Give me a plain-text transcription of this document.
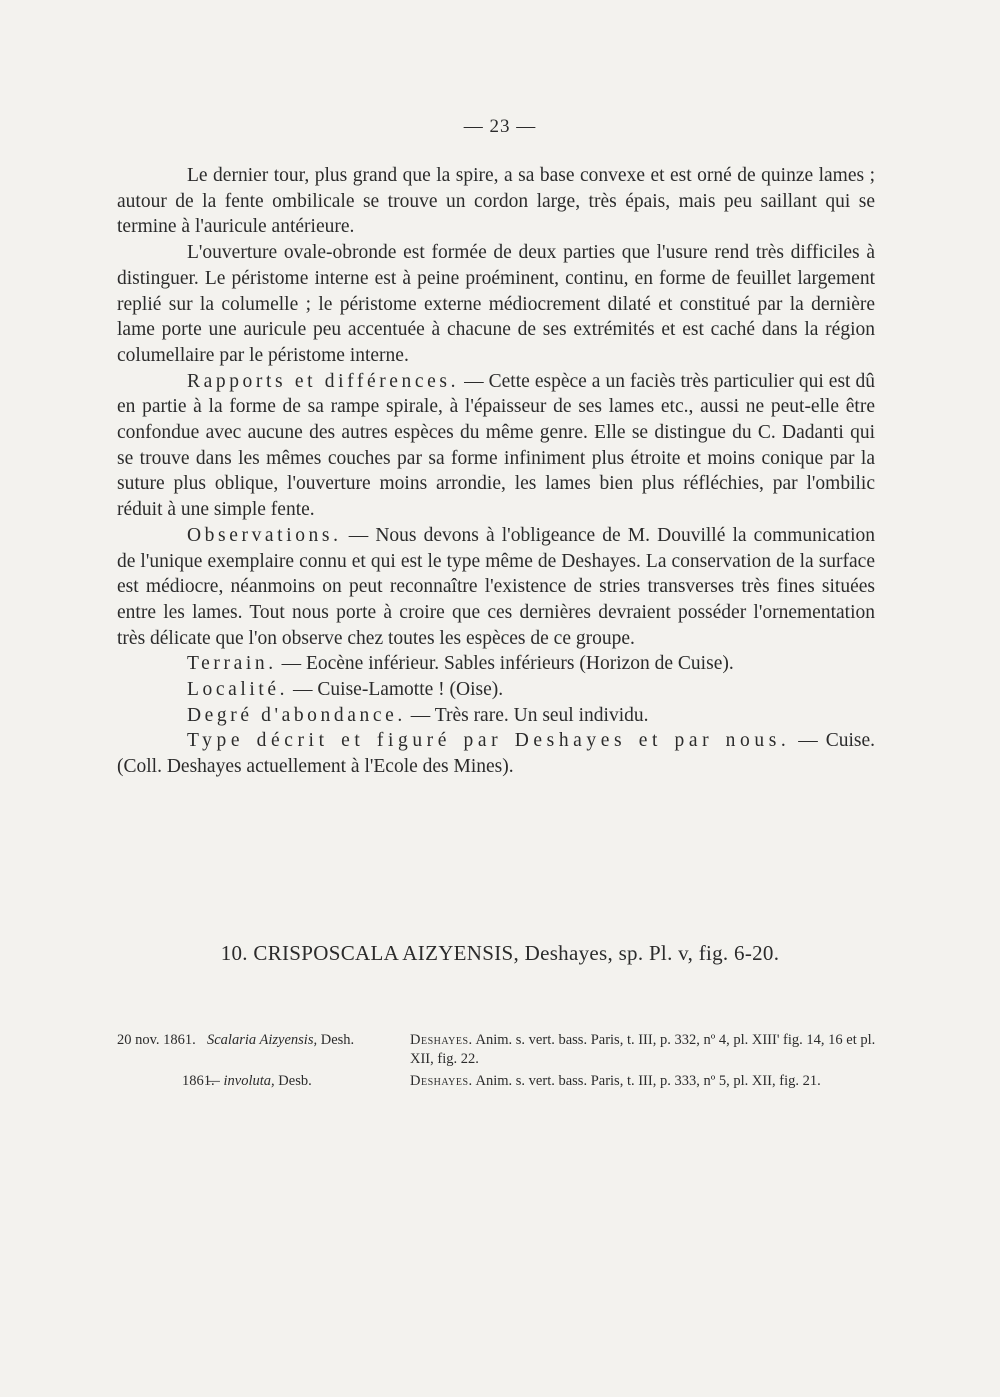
— 23 —

Le dernier tour, plus grand que la spire, a sa base convexe et est orné de quinze lames ; autour de la fente ombilicale se trouve un cordon large, très épais, mais peu saillant qui se termine à l'auricule antérieure.

L'ouverture ovale-obronde est formée de deux parties que l'usure rend très difficiles à distinguer. Le péristome interne est à peine proéminent, continu, en forme de feuillet largement replié sur la columelle ; le péristome externe médiocrement dilaté et constitué par la dernière lame porte une auricule peu accentuée à chacune de ses extrémités et est caché dans la région columellaire par le péristome interne.

Rapports et différences. — Cette espèce a un faciès très particulier qui est dû en partie à la forme de sa rampe spirale, à l'épaisseur de ses lames etc., aussi ne peut-elle être confondue avec aucune des autres espèces du même genre. Elle se distingue du C. Dadanti qui se trouve dans les mêmes couches par sa forme infiniment plus étroite et moins conique par la suture plus oblique, l'ouverture moins arrondie, les lames bien plus réfléchies, par l'ombilic réduit à une simple fente.

Observations. — Nous devons à l'obligeance de M. Douvillé la communication de l'unique exemplaire connu et qui est le type même de Deshayes. La conservation de la surface est médiocre, néanmoins on peut reconnaître l'existence de stries transverses très fines situées entre les lames. Tout nous porte à croire que ces dernières devraient posséder l'ornementation très délicate que l'on observe chez toutes les espèces de ce groupe.

Terrain. — Eocène inférieur. Sables inférieurs (Horizon de Cuise).

Localité. — Cuise-Lamotte ! (Oise).

Degré d'abondance. — Très rare. Un seul individu.

Type décrit et figuré par Deshayes et par nous. — Cuise. (Coll. Deshayes actuellement à l'Ecole des Mines).

10. CRISPOSCALA AIZYENSIS, Deshayes, sp. Pl. v, fig. 6-20.
20 nov. 1861. Scalaria Aizyensis, Desh.	Deshayes. Anim. s. vert. bass. Paris, t. III, p. 332, nº 4, pl. XIII' fig. 14, 16 et pl. XII, fig. 22.
1861.
— involuta, Desb.	Deshayes. Anim. s. vert. bass. Paris, t. III, p. 333, nº 5, pl. XII, fig. 21.
